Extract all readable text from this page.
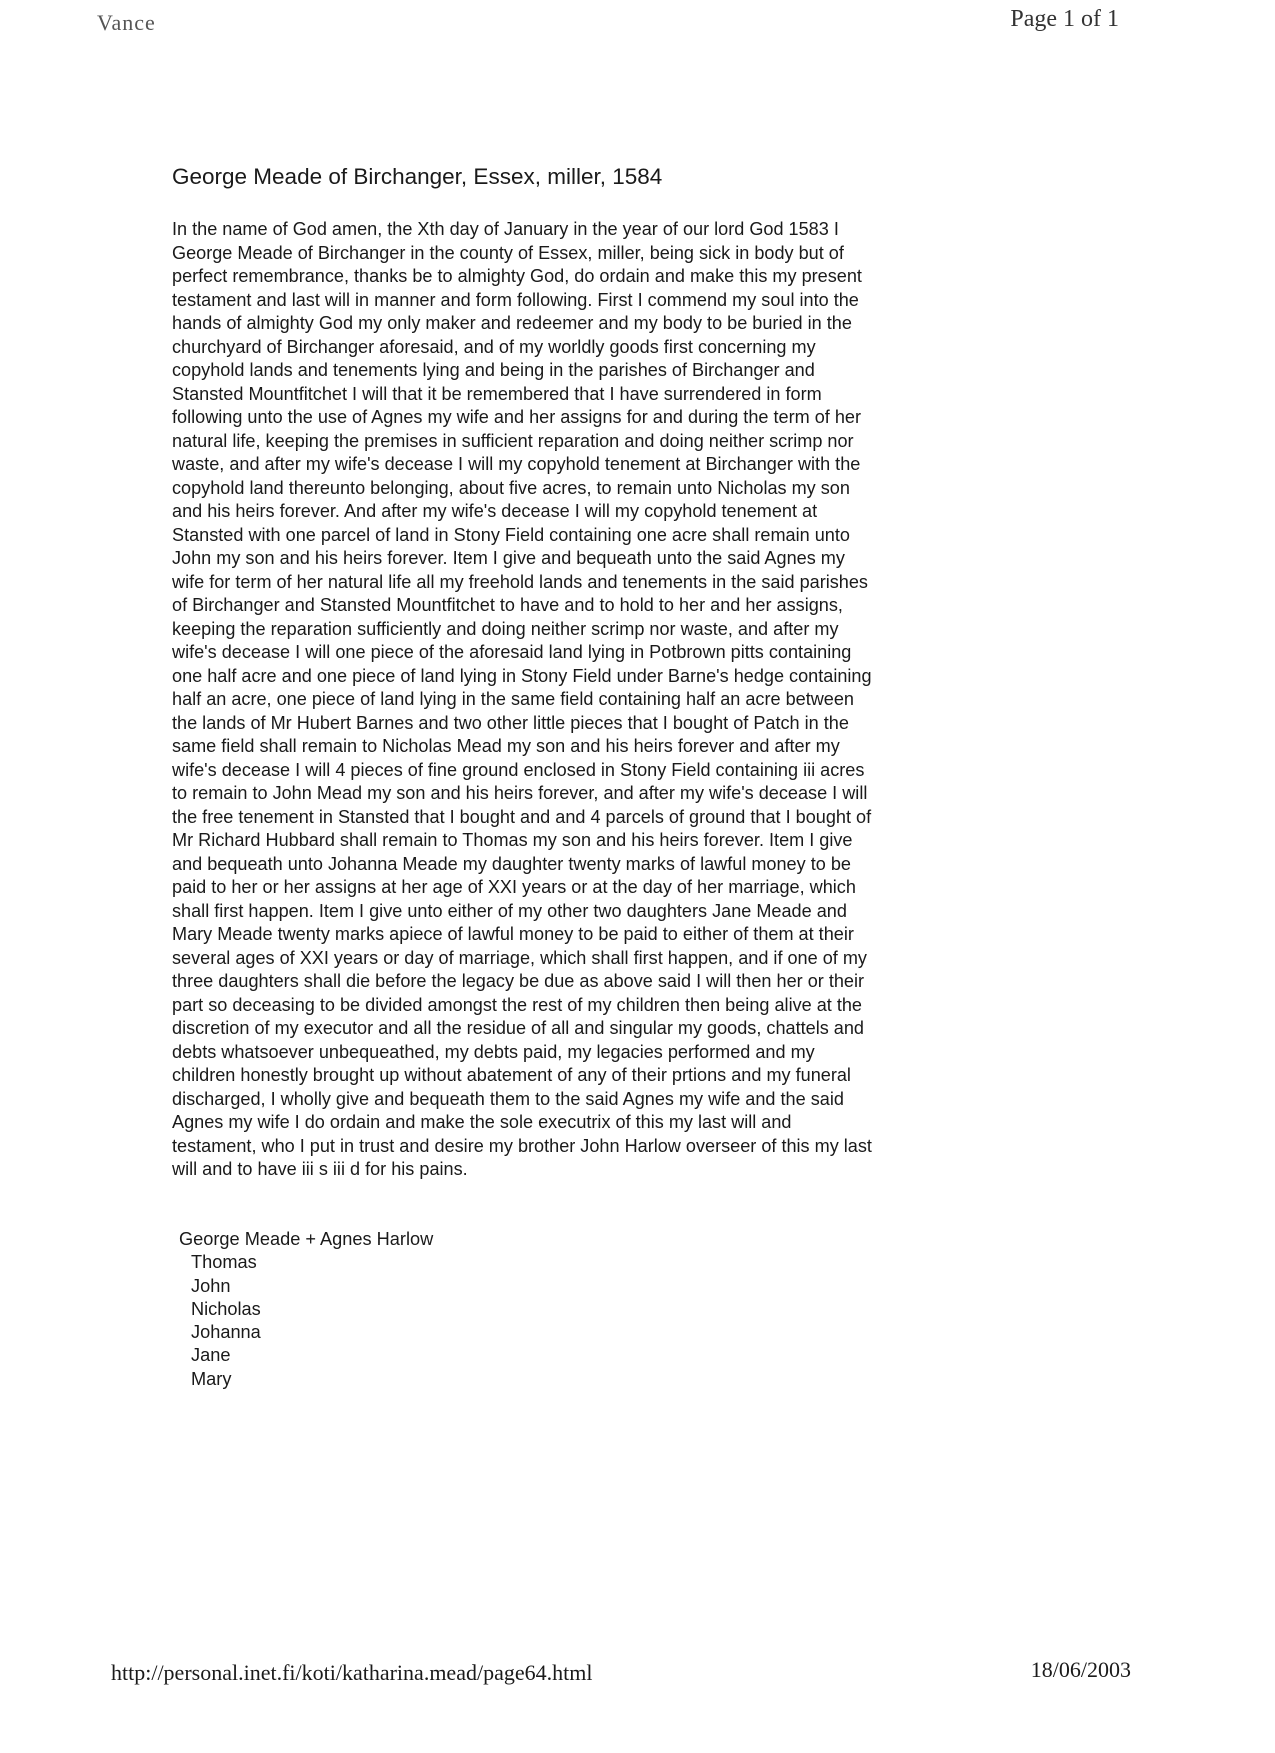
Vance	Page 1 of 1
George Meade of Birchanger, Essex, miller, 1584
In the name of God amen, the Xth day of January in the year of our lord God 1583 I
George Meade of Birchanger in the county of Essex, miller, being sick in body but of
perfect remembrance, thanks be to almighty God, do ordain and make this my present
testament and last will in manner and form following. First I commend my soul into the
hands of almighty God my only maker and redeemer and my body to be buried in the
churchyard of Birchanger aforesaid, and of my worldly goods first concerning my
copyhold lands and tenements lying and being in the parishes of Birchanger and
Stansted Mountfitchet I will that it be remembered that I have surrendered in form
following unto the use of Agnes my wife and her assigns for and during the term of her
natural life, keeping the premises in sufficient reparation and doing neither scrimp nor
waste, and after my wife's decease I will my copyhold tenement at Birchanger with the
copyhold land thereunto belonging, about five acres, to remain unto Nicholas my son
and his heirs forever. And after my wife's decease I will my copyhold tenement at
Stansted with one parcel of land in Stony Field containing one acre shall remain unto
John my son and his heirs forever. Item I give and bequeath unto the said Agnes my
wife for term of her natural life all my freehold lands and tenements in the said parishes
of Birchanger and Stansted Mountfitchet to have and to hold to her and her assigns,
keeping the reparation sufficiently and doing neither scrimp nor waste, and after my
wife's decease I will one piece of the aforesaid land lying in Potbrown pitts containing
one half acre and one piece of land lying in Stony Field under Barne's hedge containing
half an acre, one piece of land lying in the same field containing half an acre between
the lands of Mr Hubert Barnes and two other little pieces that I bought of Patch in the
same field shall remain to Nicholas Mead my son and his heirs forever and after my
wife's decease I will 4 pieces of fine ground enclosed in Stony Field containing iii acres
to remain to John Mead my son and his heirs forever, and after my wife's decease I will
the free tenement in Stansted that I bought and and 4 parcels of ground that I bought of
Mr Richard Hubbard shall remain to Thomas my son and his heirs forever. Item I give
and bequeath unto Johanna Meade my daughter twenty marks of lawful money to be
paid to her or her assigns at her age of XXI years or at the day of her marriage, which
shall first happen. Item I give unto either of my other two daughters Jane Meade and
Mary Meade twenty marks apiece of lawful money to be paid to either of them at their
several ages of XXI years or day of marriage, which shall first happen, and if one of my
three daughters shall die before the legacy be due as above said I will then her or their
part so deceasing to be divided amongst the rest of my children then being alive at the
discretion of my executor and all the residue of all and singular my goods, chattels and
debts whatsoever unbequeathed, my debts paid, my legacies performed and my
children honestly brought up without abatement of any of their prtions and my funeral
discharged, I wholly give and bequeath them to the said Agnes my wife and the said
Agnes my wife I do ordain and make the sole executrix of this my last will and
testament, who I put in trust and desire my brother John Harlow overseer of this my last
will and to have iii s iii d for his pains.
George Meade + Agnes Harlow
Thomas
John
Nicholas
Johanna
Jane
Mary
http://personal.inet.fi/koti/katharina.mead/page64.html	18/06/2003
